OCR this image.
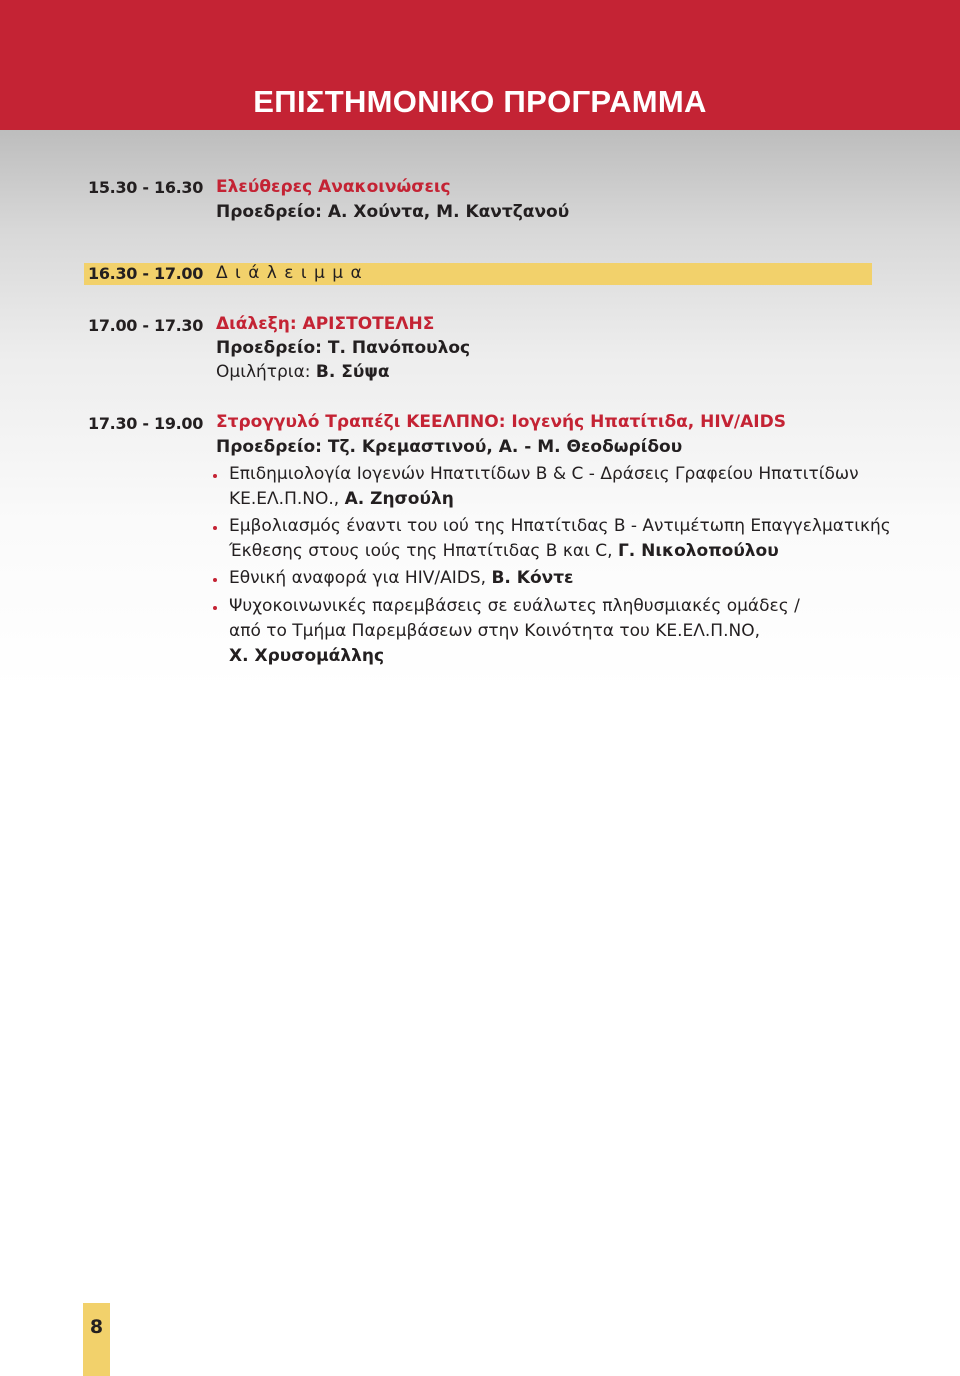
ΕΠΙΣΤΗΜΟΝΙΚΟ ΠΡΟΓΡΑΜΜΑ
15.30 - 16.30 Ελεύθερες Ανακοινώσεις
Προεδρείο: Α. Χούντα, Μ. Καντζανού
16.30 - 17.00 Δ ι ά λ ε ι μ μ α
17.00 - 17.30 Διάλεξη: ΑΡΙΣΤΟΤΕΛΗΣ
Προεδρείο: Τ. Πανόπουλος
Ομιλήτρια: Β. Σύψα
17.30 - 19.00 Στρογγυλό Τραπέζι ΚΕΕΛΠΝΟ: Ιογενής Ηπατίτιδα, HIV/AIDS
Προεδρείο: Τζ. Κρεμαστινού, Α. - Μ. Θεοδωρίδου
Επιδημιολογία Ιογενών Ηπατιτίδων Β & C - Δράσεις Γραφείου Ηπατιτίδων
ΚΕ.ΕΛ.Π.ΝΟ., Α. Ζησούλη
Εμβολιασμός έναντι του ιού της Ηπατίτιδας Β - Αντιμέτωπη Επαγγελματικής
Έκθεσης στους ιούς της Ηπατίτιδας Β και C, Γ. Νικολοπούλου
Εθνική αναφορά για HIV/AIDS, Β. Κόντε
Ψυχοκοινωνικές παρεμβάσεις σε ευάλωτες πληθυσμιακές ομάδες /
από το Τμήμα Παρεμβάσεων στην Κοινότητα του ΚΕ.ΕΛ.Π.ΝΟ,
Χ. Χρυσομάλλης
8
